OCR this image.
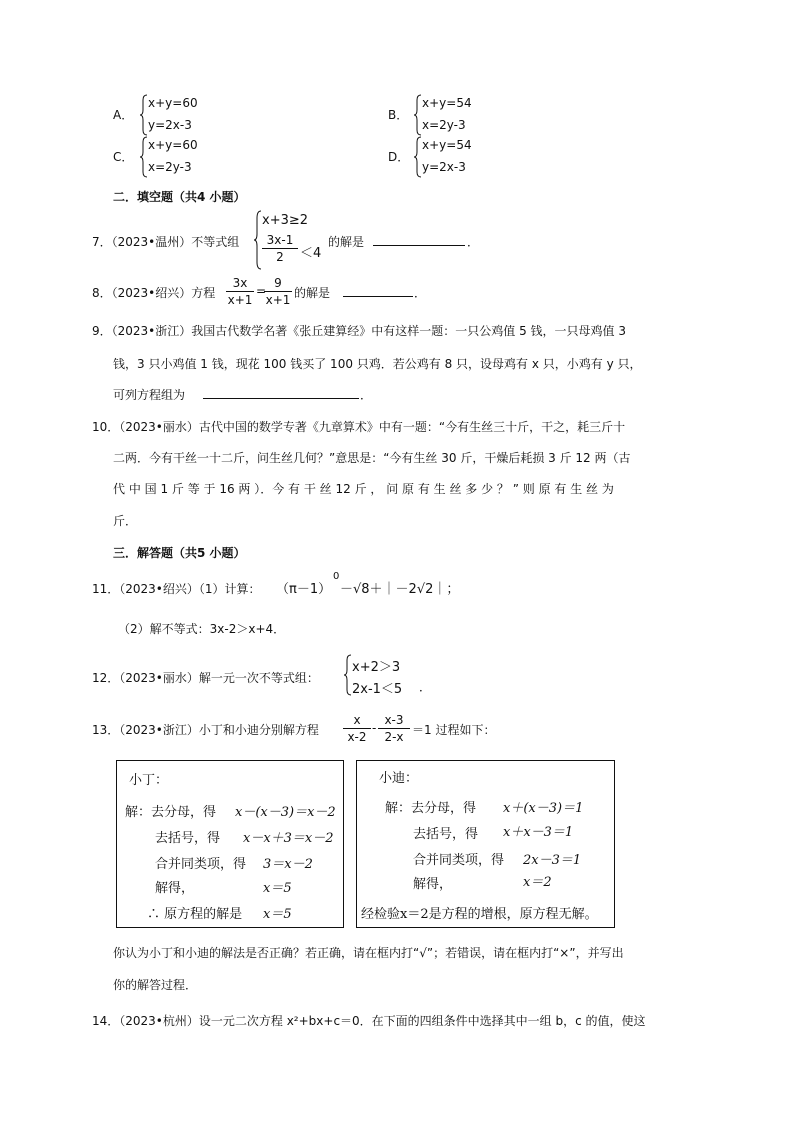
A．
x+y=60
y=2x-3
B．
x+y=54
x=2y-3
C．
x+y=60
x=2y-3
D．
x+y=54
y=2x-3
二．填空题（共4 小题）
7．（2023•温州）不等式组
x+3≥2
$\frac{3x-1}{2} <4$
的解是	．
8．（2023•绍兴）方程 $\frac{3x}{x+1}$ =
$\frac{9}{x+1}$ 的解是	．
9．（2023•浙江）我国古代数学名著《张丘建算经》中有这样一题：一只公鸡值 5 钱，一只母鸡值 3
钱，3 只小鸡值 1 钱，现花 100 钱买了 100 只鸡．若公鸡有 8 只，设母鸡有 x 只，小鸡有 y 只，
可列方程组为	．
10．（2023•丽水）古代中国的数学专著《九章算术》中有一题：“今有生丝三十斤，干之，耗三斤十
二两．今有干丝一十二斤，问生丝几何？”意思是：“今有生丝 30 斤，干燥后耗损 3 斤 12 两（古
代 中 国 1 斤 等 于 16 两 ）．今 有 干 丝 12 斤 ， 问 原 有 生 丝 多 少 ？ ” 则 原 有 生 丝 为
斤．
三．解答题（共5 小题）
11．（2023•绍兴）（1）计算： （π－1）
0
－√8＋｜－2√2｜；
（2）解不等式：3x-2＞x+4．
12．（2023•丽水）解一元一次不等式组：
x+2＞3
2x-1＜5 ．
13．（2023•浙江）小丁和小迪分别解方程 $\frac{x}{x-2} - \frac{x-3}{2-x} =1$ 过程如下：
小丁：
解：去分母，得 x－(x－3)＝x－2
去括号，得 x－x＋3＝x－2
合并同类项，得 3＝x－2
解得，	x＝5
∴ 原方程的解是 x＝5
小迪：
解：去分母，得 x＋(x－3)＝1
去括号，得 x＋x－3＝1
合并同类项，得 2x－3＝1
解得，	x＝2
经检验x＝2是方程的增根，原方程无解。
你认为小丁和小迪的解法是否正确？若正确，请在框内打“√”；若错误，请在框内打“×”，并写出
你的解答过程．
14．（2023•杭州）设一元二次方程 x²+bx+c＝0．在下面的四组条件中选择其中一组 b，c 的值，使这
